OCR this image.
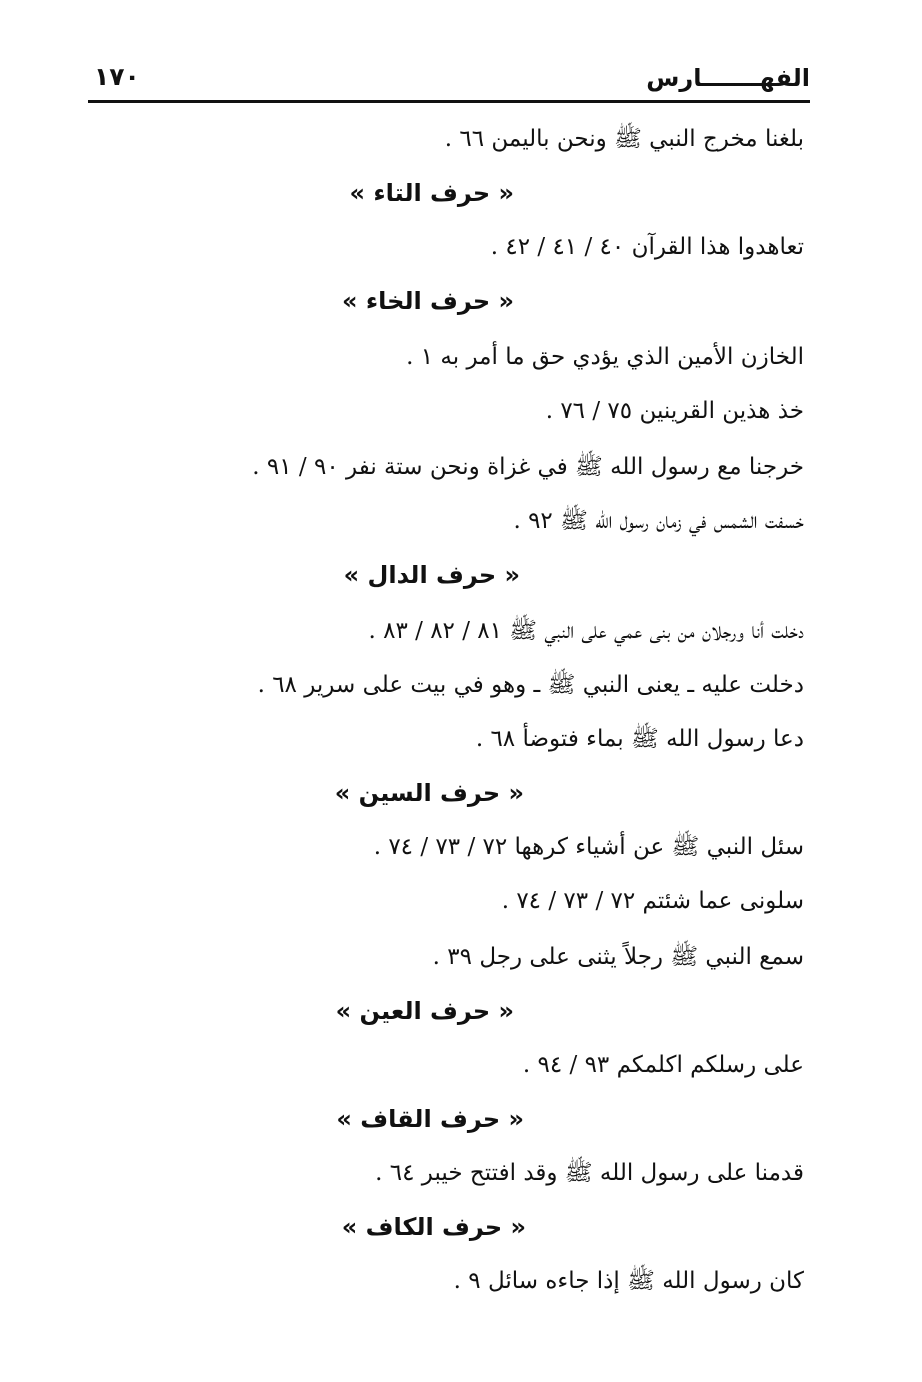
الفهـــــــارس
١٧٠
بلغنا مخرج النبي ﷺ ونحن باليمن ٦٦ .
« حرف التاء »
تعاهدوا هذا القرآن ٤٠ / ٤١ / ٤٢ .
« حرف الخاء »
الخازن الأمين الذي يؤدي حق ما أمر به ١ .
خذ هذين القرينين ٧٥ / ٧٦ .
خرجنا مع رسول الله ﷺ في غزاة ونحن ستة نفر ٩٠ / ٩١ .
خسفت الشمس في زمان رسول الله ﷺ ٩٢ .
« حرف الدال »
دخلت أنا ورجلان من بنى عمي على النبي ﷺ ٨١ / ٨٢ / ٨٣ .
دخلت عليه ـ يعنى النبي ﷺ ـ وهو في بيت على سرير ٦٨ .
دعا رسول الله ﷺ بماء فتوضأ ٦٨ .
« حرف السين »
سئل النبي ﷺ عن أشياء كرهها ٧٢ / ٧٣ / ٧٤ .
سلونى عما شئتم ٧٢ / ٧٣ / ٧٤ .
سمع النبي ﷺ رجلاً يثنى على رجل ٣٩ .
« حرف العين »
على رسلكم اكلمكم ٩٣ / ٩٤ .
« حرف القاف »
قدمنا على رسول الله ﷺ وقد افتتح خيبر ٦٤ .
« حرف الكاف »
كان رسول الله ﷺ إذا جاءه سائل ٩ .
